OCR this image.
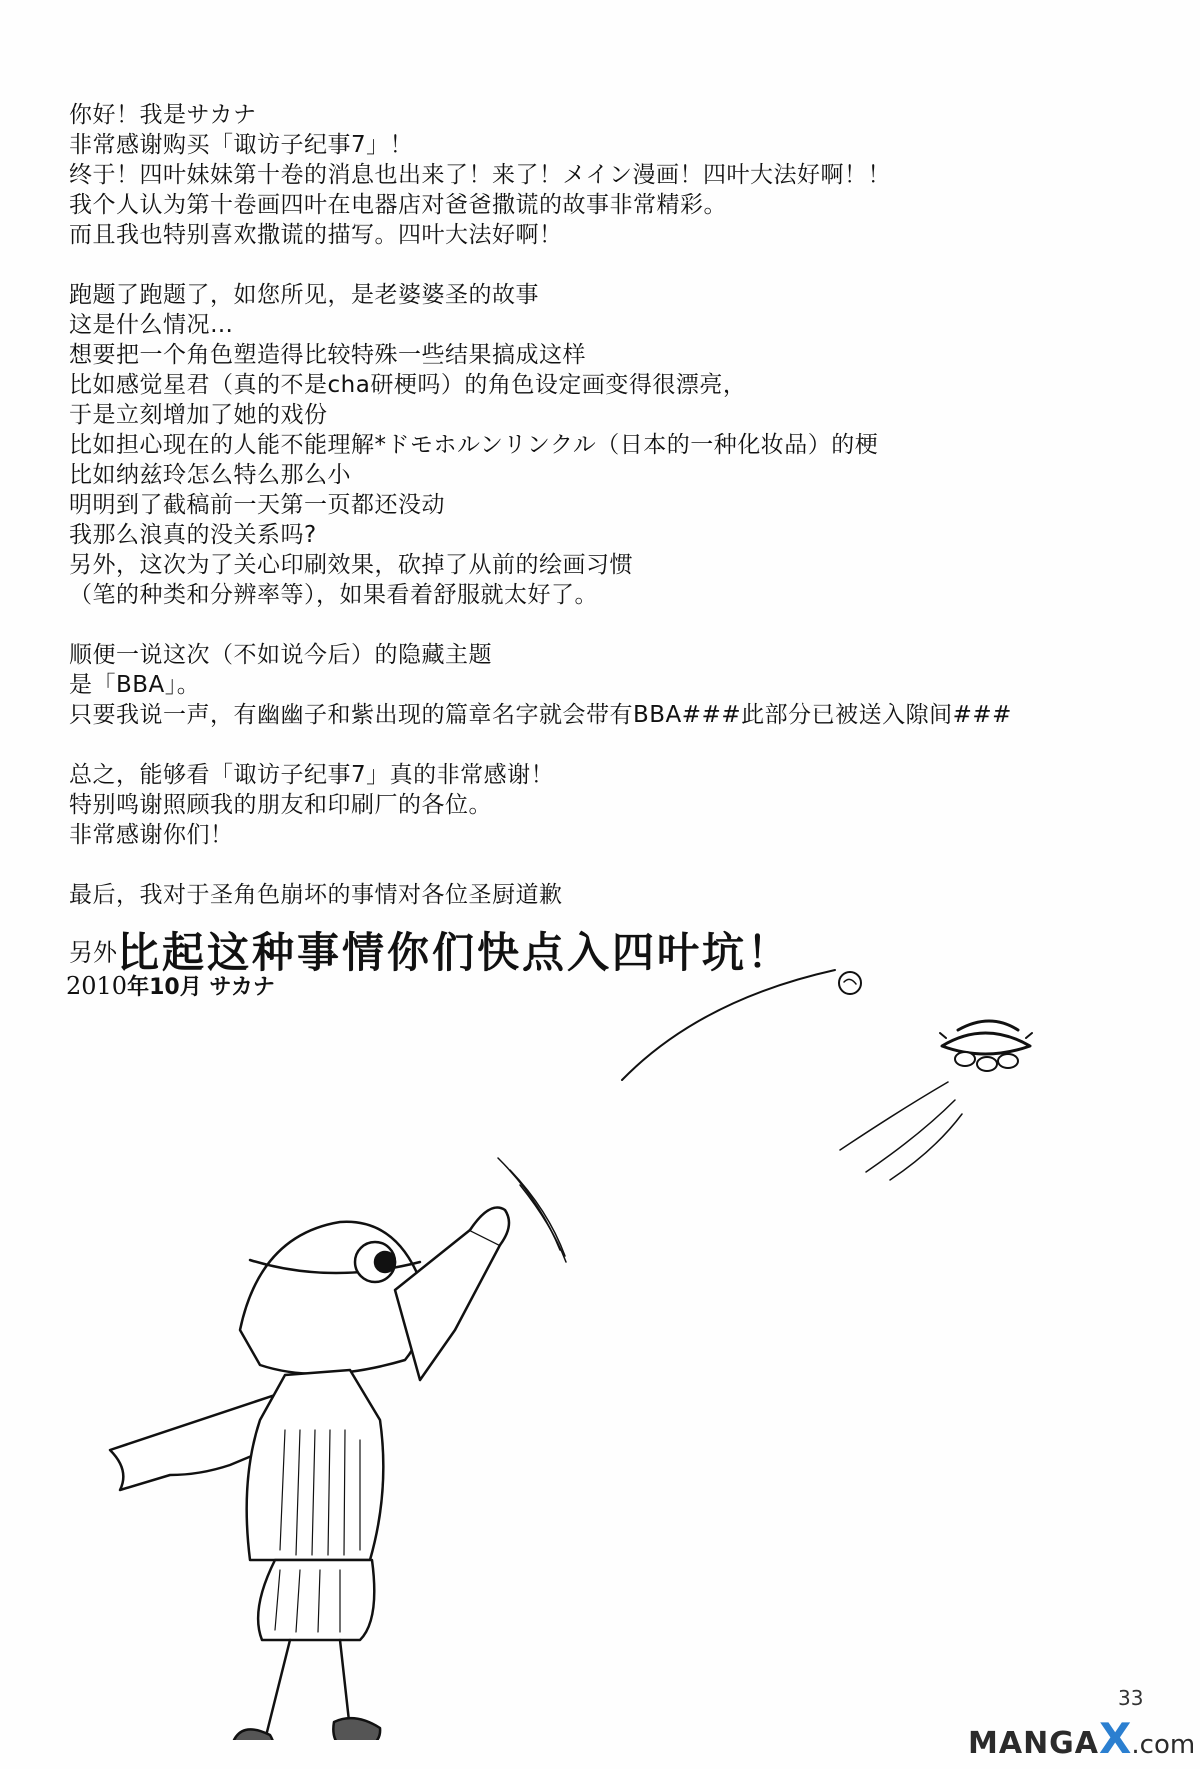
你好！我是サカナ
非常感谢购买「诹访子纪事7」！
终于！四叶妹妹第十卷的消息也出来了！来了！メイン漫画！四叶大法好啊！！
我个人认为第十卷画四叶在电器店对爸爸撒谎的故事非常精彩。
而且我也特别喜欢撒谎的描写。四叶大法好啊！
跑题了跑题了，如您所见，是老婆婆圣的故事
这是什么情况…
想要把一个角色塑造得比较特殊一些结果搞成这样
比如感觉星君（真的不是cha研梗吗）的角色设定画变得很漂亮，
于是立刻增加了她的戏份
比如担心现在的人能不能理解*ドモホルンリンクル（日本的一种化妆品）的梗
比如纳兹玲怎么特么那么小
明明到了截稿前一天第一页都还没动
我那么浪真的没关系吗?
另外，这次为了关心印刷效果，砍掉了从前的绘画习惯
（笔的种类和分辨率等），如果看着舒服就太好了。
顺便一说这次（不如说今后）的隐藏主题
是「BBA」。
只要我说一声，有幽幽子和紫出现的篇章名字就会带有BBA###此部分已被送入隙间###
总之，能够看「诹访子纪事7」真的非常感谢！
特别鸣谢照顾我的朋友和印刷厂的各位。
非常感谢你们！
最后，我对于圣角色崩坏的事情对各位圣厨道歉
另外比起这种事情你们快点入四叶坑！
2010年10月 サカナ
33
MANGAX.com
